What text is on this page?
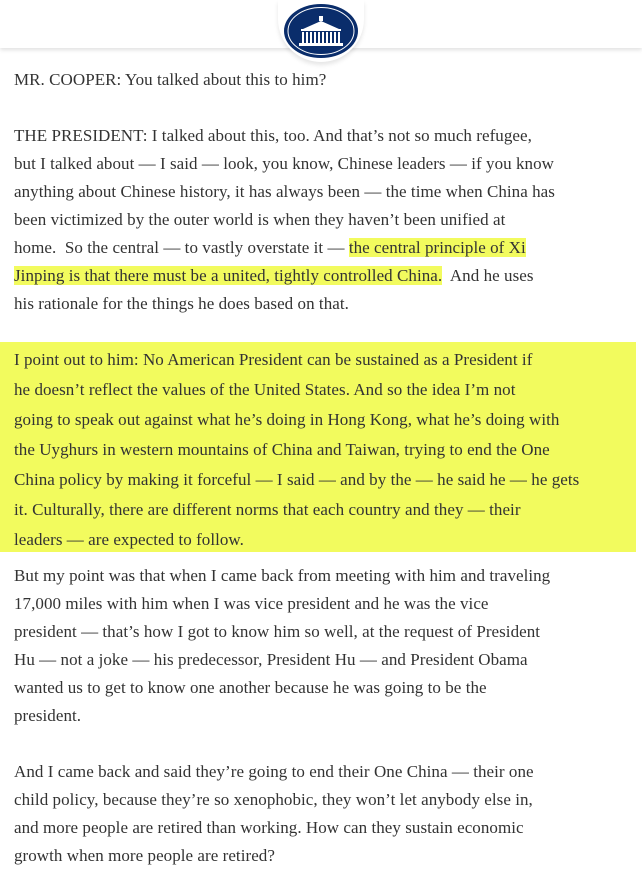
MR. COOPER: You talked about this to him?

THE PRESIDENT: I talked about this, too. And that’s not so much refugee,
but I talked about — I said — look, you know, Chinese leaders — if you know
anything about Chinese history, it has always been — the time when China has
been victimized by the outer world is when they haven’t been unified at
home.  So the central — to vastly overstate it — the central principle of Xi
Jinping is that there must be a united, tightly controlled China.  And he uses
his rationale for the things he does based on that.

I point out to him: No American President can be sustained as a President if
he doesn’t reflect the values of the United States. And so the idea I’m not
going to speak out against what he’s doing in Hong Kong, what he’s doing with
the Uyghurs in western mountains of China and Taiwan, trying to end the One
China policy by making it forceful — I said — and by the — he said he — he gets
it. Culturally, there are different norms that each country and they — their
leaders — are expected to follow.

But my point was that when I came back from meeting with him and traveling
17,000 miles with him when I was vice president and he was the vice
president — that’s how I got to know him so well, at the request of President
Hu — not a joke — his predecessor, President Hu — and President Obama
wanted us to get to know one another because he was going to be the
president.

And I came back and said they’re going to end their One China — their one
child policy, because they’re so xenophobic, they won’t let anybody else in,
and more people are retired than working. How can they sustain economic
growth when more people are retired?
